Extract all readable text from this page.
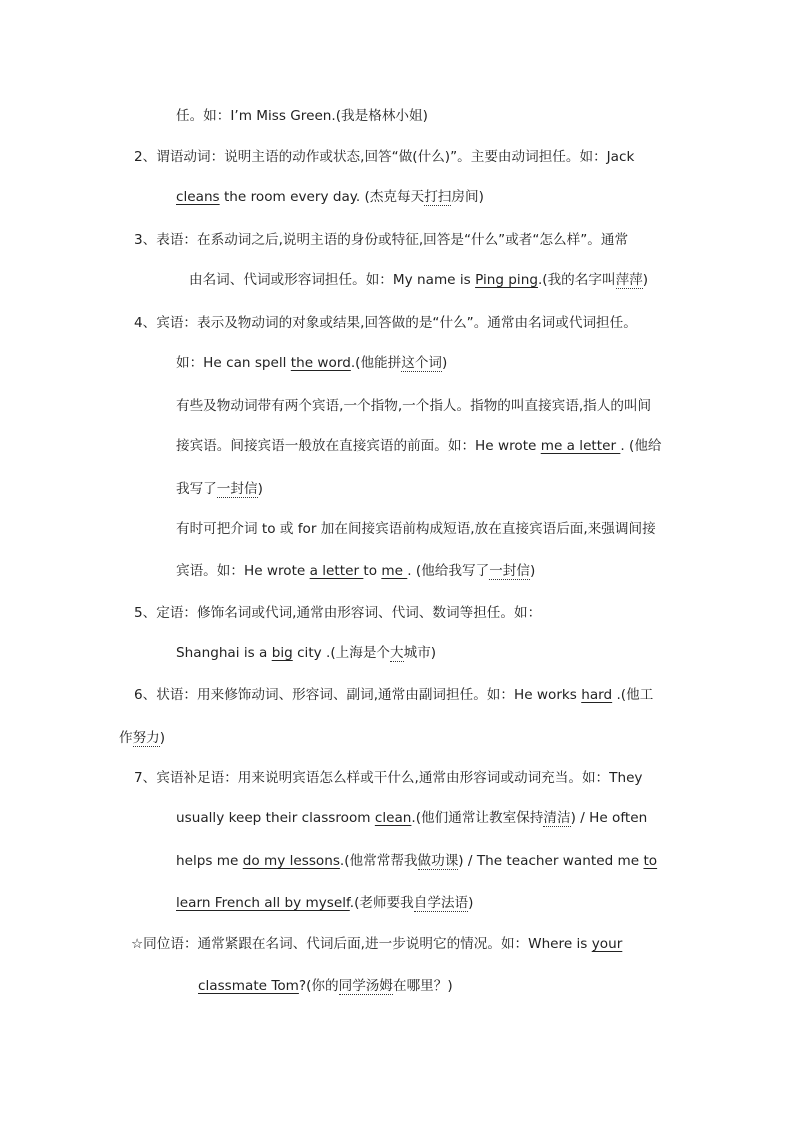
任。如：I’m Miss Green.(我是格林小姐)
2、谓语动词：说明主语的动作或状态,回答“做(什么)”。主要由动词担任。如：Jack
cleans the room every day. (杰克每天打扫房间)
3、表语：在系动词之后,说明主语的身份或特征,回答是“什么”或者“怎么样”。通常
由名词、代词或形容词担任。如：My name is Ping ping.(我的名字叫萍萍)
4、宾语：表示及物动词的对象或结果,回答做的是“什么”。通常由名词或代词担任。
如：He can spell the word.(他能拼这个词)
有些及物动词带有两个宾语,一个指物,一个指人。指物的叫直接宾语,指人的叫间
接宾语。间接宾语一般放在直接宾语的前面。如：He wrote me a letter . (他给
我写了一封信)
有时可把介词 to 或 for 加在间接宾语前构成短语,放在直接宾语后面,来强调间接
宾语。如：He wrote a letter to me . (他给我写了一封信)
5、定语：修饰名词或代词,通常由形容词、代词、数词等担任。如：
Shanghai is a big city .(上海是个大城市)
6、状语：用来修饰动词、形容词、副词,通常由副词担任。如：He works hard .(他工
作努力)
7、宾语补足语：用来说明宾语怎么样或干什么,通常由形容词或动词充当。如：They
usually keep their classroom clean.(他们通常让教室保持清洁) / He often
helps me do my lessons.(他常常帮我做功课) / The teacher wanted me to
learn French all by myself.(老师要我自学法语)
☆同位语：通常紧跟在名词、代词后面,进一步说明它的情况。如：Where is your
classmate Tom?(你的同学汤姆在哪里？)
